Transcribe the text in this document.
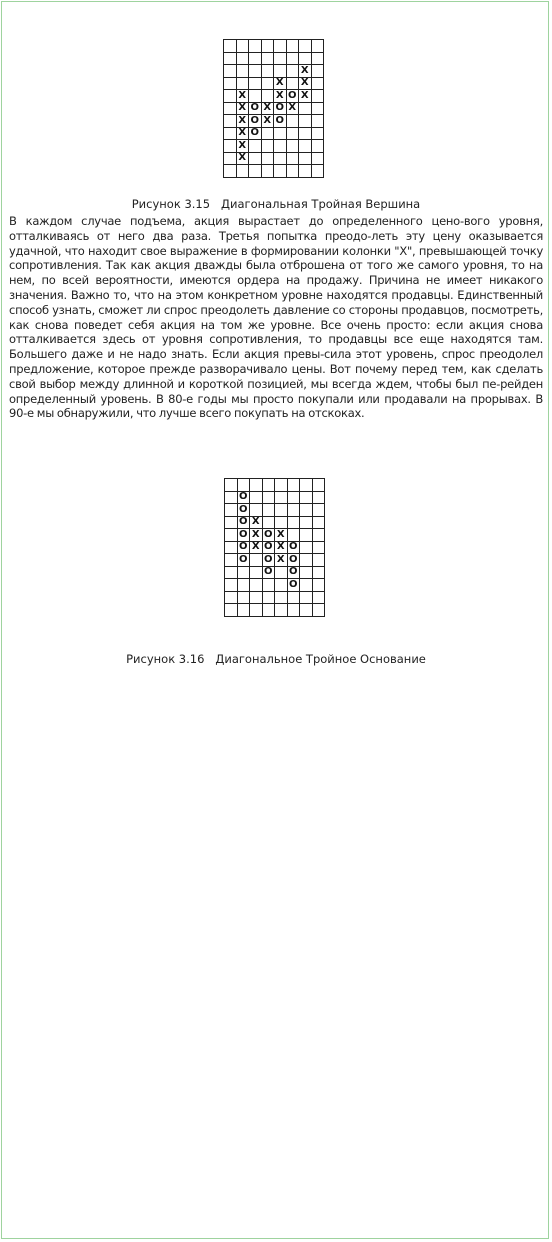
X
X X
X	X O X
X O X O X
X O X O
X O
X
X
Рисунок 3.15   Диагональная Тройная Вершина
В каждом случае подъема, акция вырастает до определенного цено-вого уровня, отталкиваясь от него два раза. Третья попытка преодо-леть эту цену оказывается удачной, что находит свое выражение в формировании колонки "X", превышающей точку сопротивления. Так как акция дважды была отброшена от того же самого уровня, то на нем, по всей вероятности, имеются ордера на продажу. Причина не имеет никакого значения. Важно то, что на этом конкретном уровне находятся продавцы. Единственный способ узнать, сможет ли спрос преодолеть давление со стороны продавцов, посмотреть, как снова поведет себя акция на том же уровне. Все очень просто: если акция снова отталкивается здесь от уровня сопротивления, то продавцы все еще находятся там. Большего даже и не надо знать. Если акция превы-сила этот уровень, спрос преодолел предложение, которое прежде разворачивало цены. Вот почему перед тем, как сделать свой выбор между длинной и короткой позицией, мы всегда ждем, чтобы был пе-рейден определенный уровень. В 80-е годы мы просто покупали или продавали на прорывах. В 90-е мы обнаружили, что лучше всего покупать на отскоках.
O
O
O X
O X O X
O X O X O
O O X O
O O
O
Рисунок 3.16   Диагональное Тройное Основание
